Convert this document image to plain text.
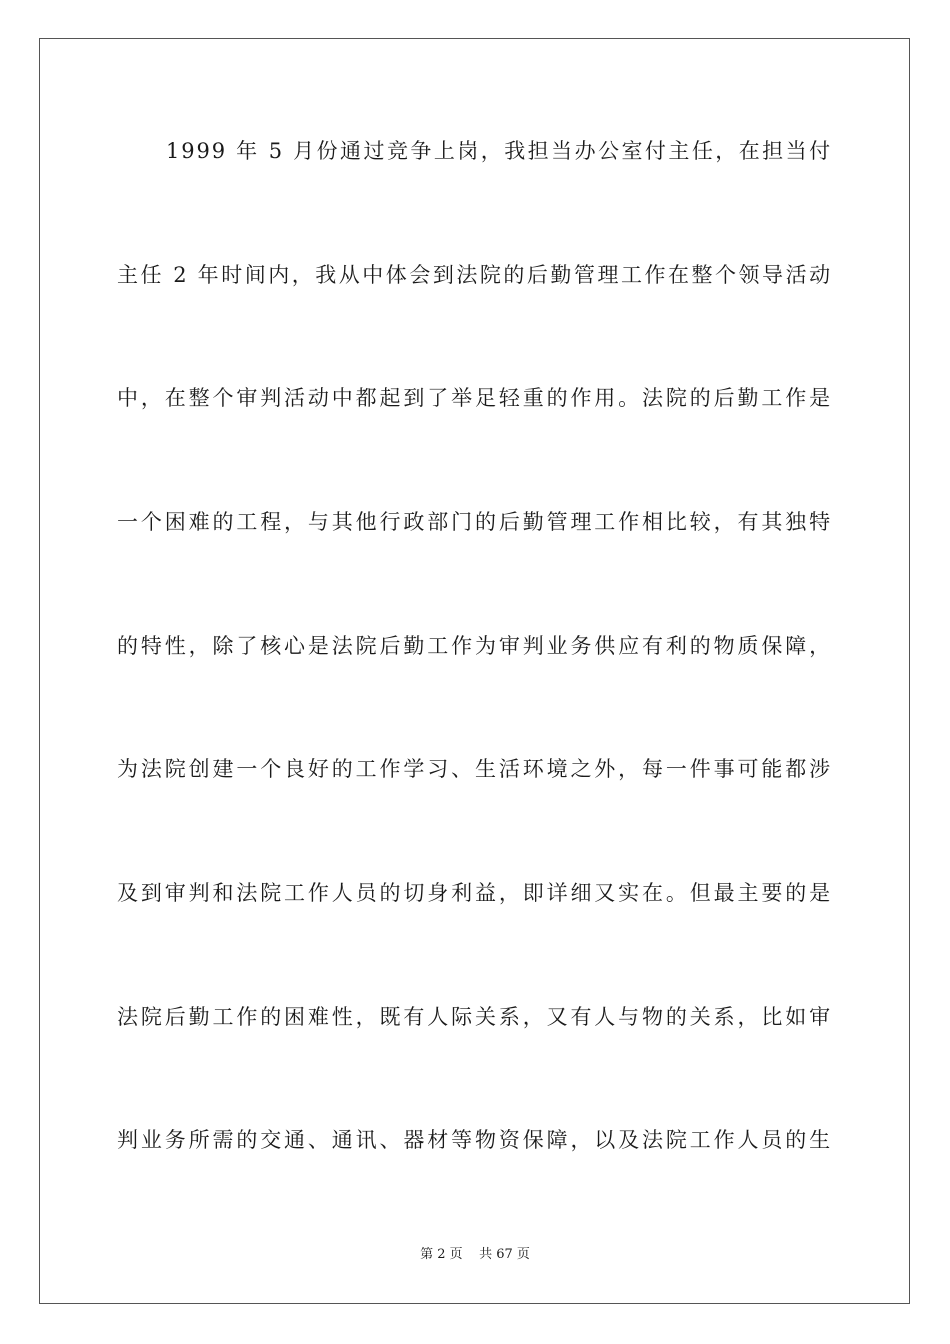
1999 年 5 月份通过竞争上岗，我担当办公室付主任，在担当付
主任 2 年时间内，我从中体会到法院的后勤管理工作在整个领导活动
中，在整个审判活动中都起到了举足轻重的作用。法院的后勤工作是
一个困难的工程，与其他行政部门的后勤管理工作相比较，有其独特
的特性，除了核心是法院后勤工作为审判业务供应有利的物质保障，
为法院创建一个良好的工作学习、生活环境之外，每一件事可能都涉
及到审判和法院工作人员的切身利益，即详细又实在。但最主要的是
法院后勤工作的困难性，既有人际关系，又有人与物的关系，比如审
判业务所需的交通、通讯、器材等物资保障，以及法院工作人员的生
第 2 页    共 67 页
